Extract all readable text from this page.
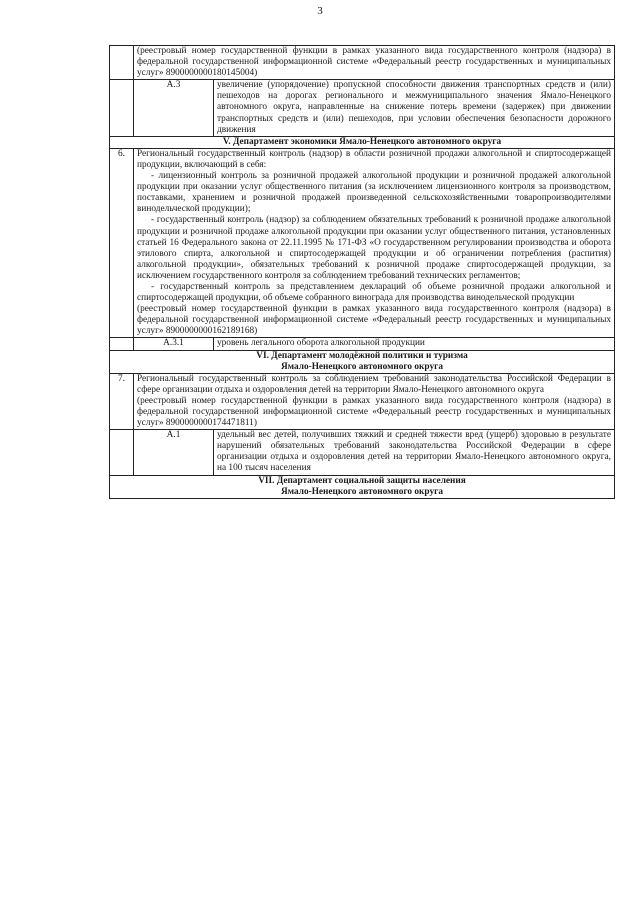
3
	(реестровый номер государственной функции в рамках указанного вида государственного контроля (надзора) в федеральной государственной информационной системе «Федеральный реестр государственных и муниципальных услуг» 8900000000180145004)	
	А.3	увеличение (упорядочение) пропускной способности движения транспортных средств и (или) пешеходов на дорогах регионального и межмуниципального значения Ямало-Ненецкого автономного округа, направленные на снижение потерь времени (задержек) при движении транспортных средств и (или) пешеходов, при условии обеспечения безопасности дорожного движения
V. Департамент экономики Ямало-Ненецкого автономного округа		
6.	Региональный государственный контроль (надзор) в области розничной продажи алкогольной и спиртосодержащей продукции, включающий в себя:

- лицензионный контроль за розничной продажей алкогольной продукции и розничной продажей алкогольной продукции при оказании услуг общественного питания (за исключением лицензионного контроля за производством, поставками, хранением и розничной продажей произведенной сельскохозяйственными товаропроизводителями винодельческой продукции);

- государственный контроль (надзор) за соблюдением обязательных требований к розничной продаже алкогольной продукции и розничной продаже алкогольной продукции при оказании услуг общественного питания, установленных статьей 16 Федерального закона от 22.11.1995 № 171-ФЗ «О государственном регулировании производства и оборота этилового спирта, алкогольной и спиртосодержащей продукции и об ограничении потребления (распития) алкогольной продукции», обязательных требований к розничной продаже спиртосодержащей продукции, за исключением государственного контроля за соблюдением требований технических регламентов;

- государственный контроль за представлением деклараций об объеме розничной продажи алкогольной и спиртосодержащей продукции, об объеме собранного винограда для производства винодельческой продукции

(реестровый номер государственной функции в рамках указанного вида государственного контроля (надзора) в федеральной государственной информационной системе «Федеральный реестр государственных и муниципальных услуг» 8900000000162189168)	

	А.3.1	уровень легального оборота алкогольной продукции

VI. Департамент молодёжной политики и туризма

Ямало-Ненецкого автономного округа		

7.	Региональный государственный контроль за соблюдением требований законодательства Российской Федерации в сфере организации отдыха и оздоровления детей на территории Ямало-Ненецкого автономного округа

(реестровый номер государственной функции в рамках указанного вида государственного контроля (надзора) в федеральной государственной информационной системе «Федеральный реестр государственных и муниципальных услуг» 8900000000174471811)	

	А.1	удельный вес детей, получивших тяжкий и средней тяжести вред (ущерб) здоровью в результате нарушений обязательных требований законодательства Российской Федерации в сфере организации отдыха и оздоровления детей на территории Ямало-Ненецкого автономного округа, на 100 тысяч населения

VII. Департамент социальной защиты населения

Ямало-Ненецкого автономного округа		
